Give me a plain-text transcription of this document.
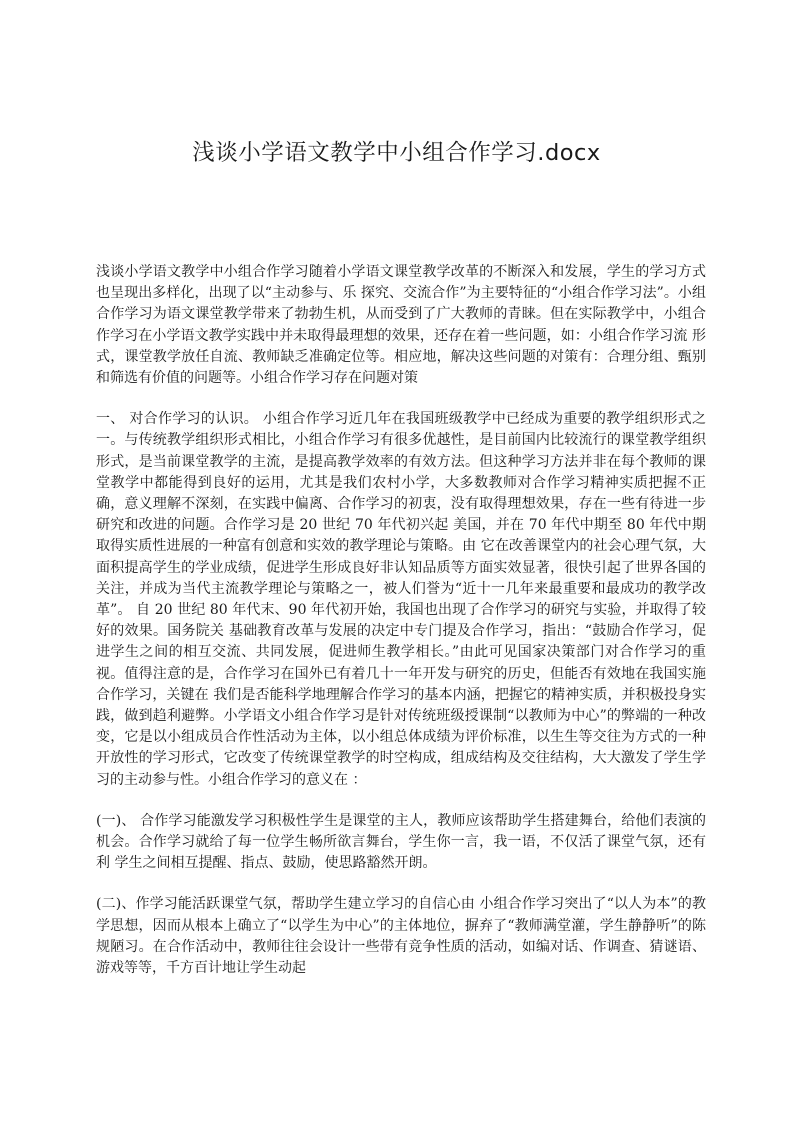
浅谈小学语文教学中小组合作学习.docx

浅谈小学语文教学中小组合作学习随着小学语文课堂教学改革的不断深入和发展，学生的学习方式也呈现出多样化，出现了以“主动参与、乐 探究、交流合作”为主要特征的“小组合作学习法”。小组合作学习为语文课堂教学带来了勃勃生机，从而受到了广大教师的青睐。但在实际教学中，小组合作学习在小学语文教学实践中并未取得最理想的效果，还存在着一些问题，如：小组合作学习流 形式，课堂教学放任自流、教师缺乏准确定位等。相应地，解决这些问题的对策有：合理分组、甄别和筛选有价值的问题等。小组合作学习存在问题对策

一、 对合作学习的认识。 小组合作学习近几年在我国班级教学中已经成为重要的教学组织形式之一。与传统教学组织形式相比，小组合作学习有很多优越性，是目前国内比较流行的课堂教学组织形式，是当前课堂教学的主流，是提高教学效率的有效方法。但这种学习方法并非在每个教师的课堂教学中都能得到良好的运用，尤其是我们农村小学，大多数教师对合作学习精神实质把握不正确，意义理解不深刻，在实践中偏离、合作学习的初衷，没有取得理想效果，存在一些有待进一步研究和改进的问题。合作学习是 20 世纪 70 年代初兴起 美国，并在 70 年代中期至 80 年代中期取得实质性进展的一种富有创意和实效的教学理论与策略。由 它在改善课堂内的社会心理气氛，大面积提高学生的学业成绩，促进学生形成良好非认知品质等方面实效显著，很快引起了世界各国的关注，并成为当代主流教学理论与策略之一，被人们誉为“近十一几年来最重要和最成功的教学改革”。 自 20 世纪 80 年代末、90 年代初开始，我国也出现了合作学习的研究与实验，并取得了较好的效果。国务院关 基础教育改革与发展的决定中专门提及合作学习，指出：“鼓励合作学习，促进学生之间的相互交流、共同发展，促进师生教学相长。”由此可见国家决策部门对合作学习的重视。值得注意的是，合作学习在国外已有着几十一年开发与研究的历史，但能否有效地在我国实施合作学习，关键在 我们是否能科学地理解合作学习的基本内涵，把握它的精神实质，并积极投身实践，做到趋利避弊。小学语文小组合作学习是针对传统班级授课制“以教师为中心”的弊端的一种改变，它是以小组成员合作性活动为主体，以小组总体成绩为评价标准，以生生等交往为方式的一种开放性的学习形式，它改变了传统课堂教学的时空构成，组成结构及交往结构，大大激发了学生学习的主动参与性。小组合作学习的意义在 ：

(一)、 合作学习能激发学习积极性学生是课堂的主人，教师应该帮助学生搭建舞台，给他们表演的机会。合作学习就给了每一位学生畅所欲言舞台，学生你一言，我一语，不仅活了课堂气氛，还有利 学生之间相互提醒、指点、鼓励，使思路豁然开朗。

(二)、作学习能活跃课堂气氛，帮助学生建立学习的自信心由 小组合作学习突出了“以人为本”的教学思想，因而从根本上确立了“以学生为中心”的主体地位，摒弃了“教师满堂灌，学生静静听”的陈规陋习。在合作活动中，教师往往会设计一些带有竞争性质的活动，如编对话、作调查、猜谜语、游戏等等，千方百计地让学生动起
